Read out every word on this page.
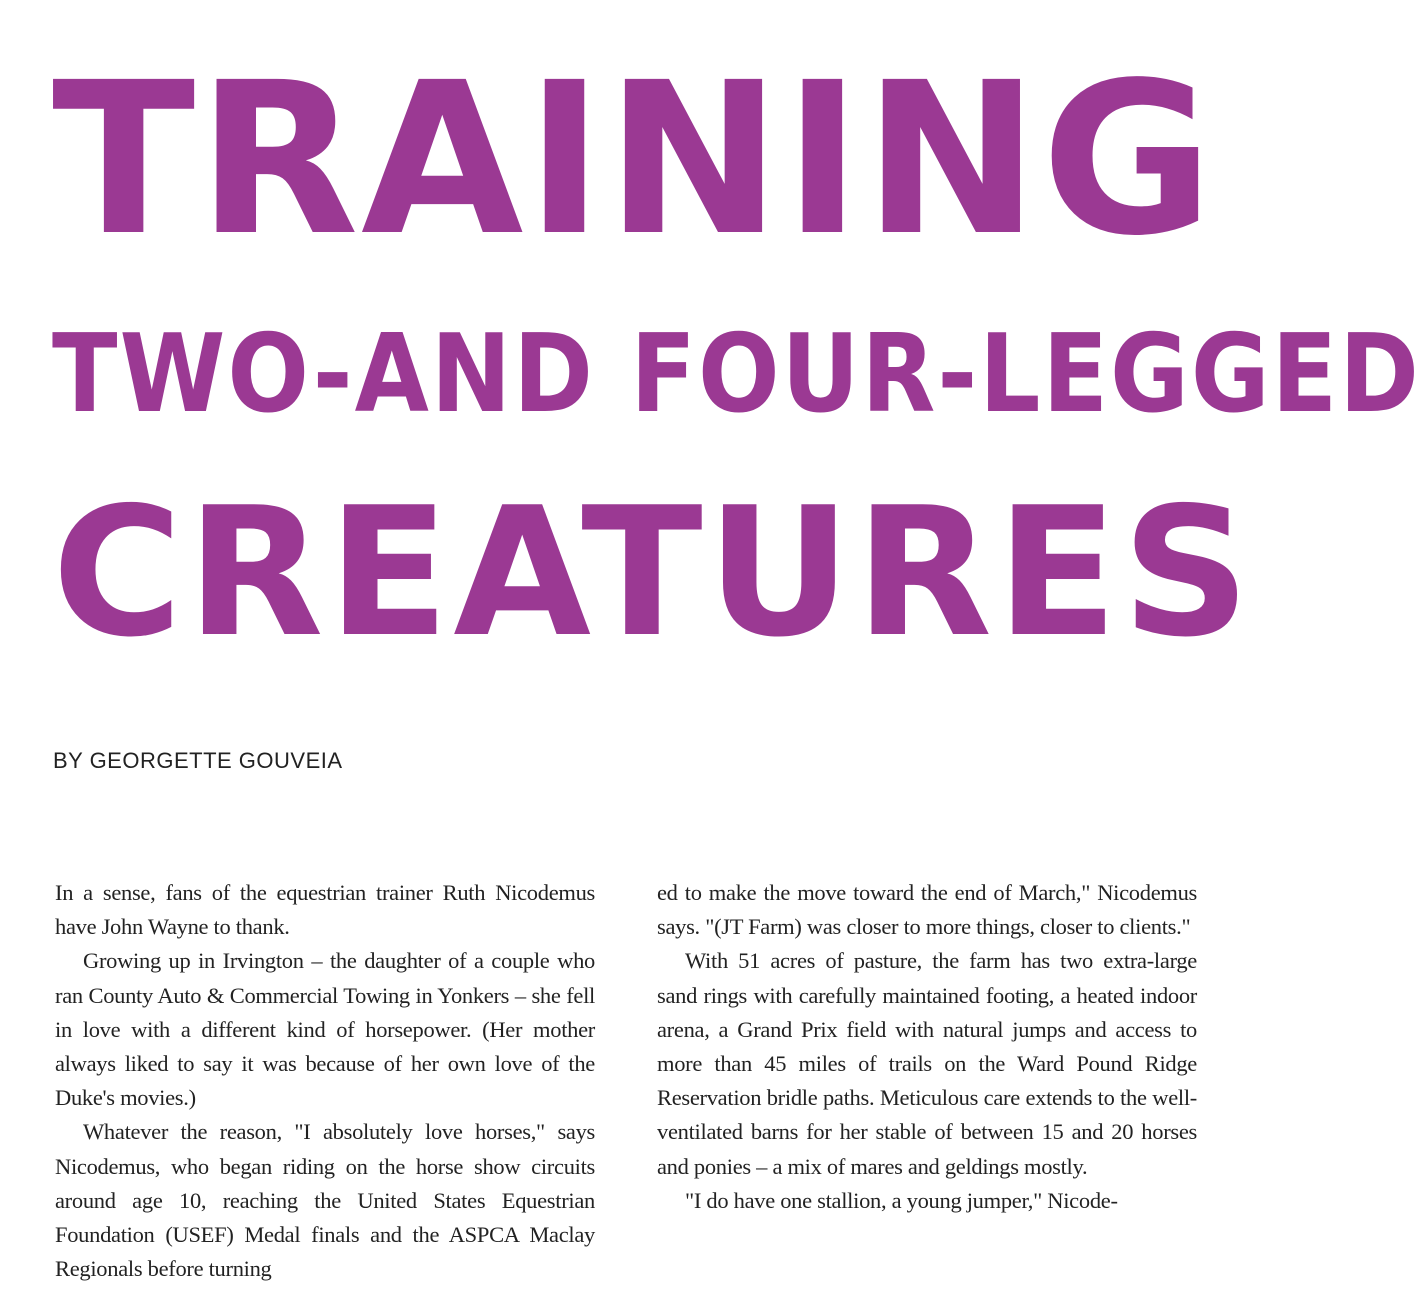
TRAINING
TWO-AND FOUR-LEGGED
CREATURES
BY GEORGETTE GOUVEIA

In a sense, fans of the equestrian trainer Ruth Nicodemus have John Wayne to thank.

Growing up in Irvington – the daughter of a couple who ran County Auto & Commercial Towing in Yonkers – she fell in love with a different kind of horsepower. (Her mother always liked to say it was because of her own love of the Duke's movies.)

Whatever the reason, "I absolutely love horses," says Nicodemus, who began riding on the horse show circuits around age 10, reaching the United States Equestrian Foundation (USEF) Medal finals and the ASPCA Maclay Regionals before turning

ed to make the move toward the end of March," Nicodemus says. "(JT Farm) was closer to more things, closer to clients."

With 51 acres of pasture, the farm has two extra-large sand rings with carefully maintained footing, a heated indoor arena, a Grand Prix field with natural jumps and access to more than 45 miles of trails on the Ward Pound Ridge Reservation bridle paths. Meticulous care extends to the well-ventilated barns for her stable of between 15 and 20 horses and ponies – a mix of mares and geldings mostly.

"I do have one stallion, a young jumper," Nicode-
